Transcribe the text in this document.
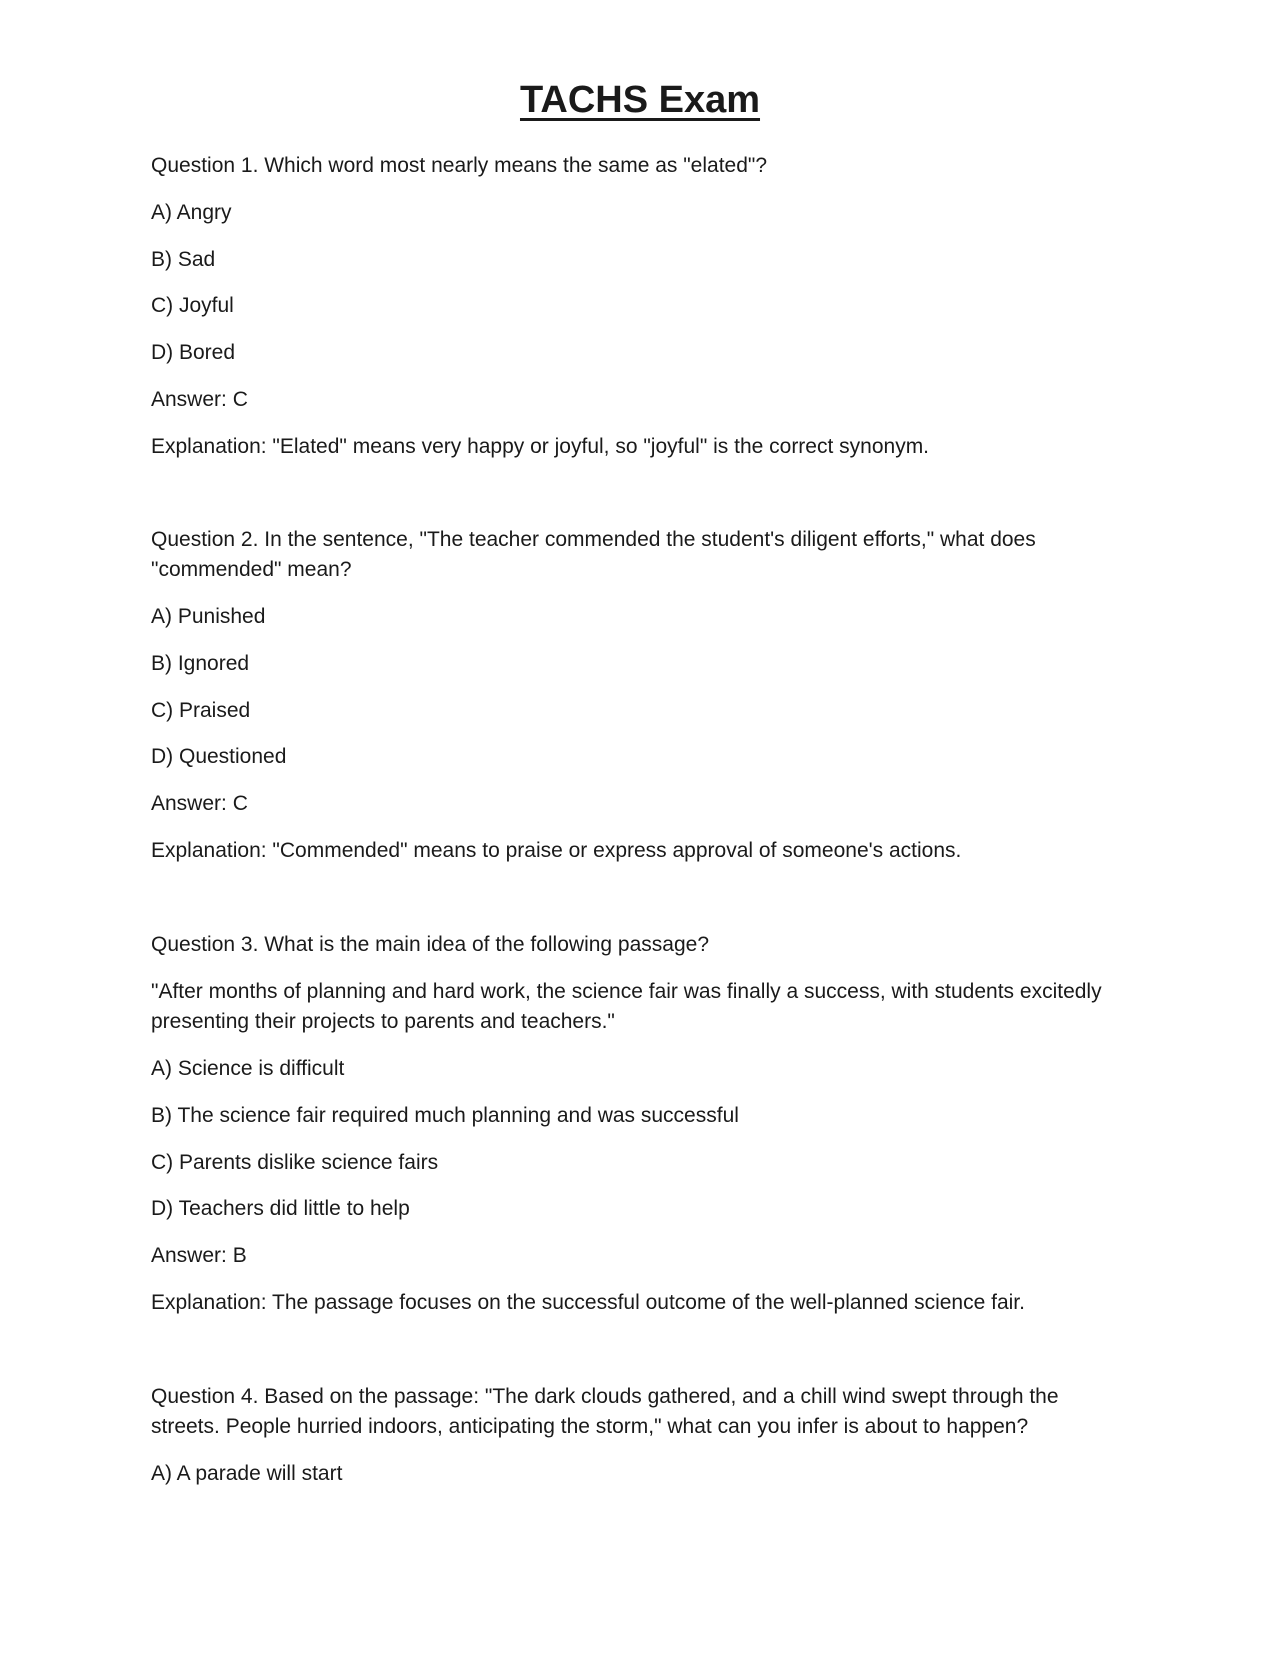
TACHS Exam
Question 1. Which word most nearly means the same as "elated"?
A) Angry
B) Sad
C) Joyful
D) Bored
Answer: C
Explanation: "Elated" means very happy or joyful, so "joyful" is the correct synonym.
Question 2. In the sentence, "The teacher commended the student's diligent efforts," what does
"commended" mean?
A) Punished
B) Ignored
C) Praised
D) Questioned
Answer: C
Explanation: "Commended" means to praise or express approval of someone's actions.
Question 3. What is the main idea of the following passage?
"After months of planning and hard work, the science fair was finally a success, with students excitedly
presenting their projects to parents and teachers."
A) Science is difficult
B) The science fair required much planning and was successful
C) Parents dislike science fairs
D) Teachers did little to help
Answer: B
Explanation: The passage focuses on the successful outcome of the well-planned science fair.
Question 4. Based on the passage: "The dark clouds gathered, and a chill wind swept through the
streets. People hurried indoors, anticipating the storm," what can you infer is about to happen?
A) A parade will start
